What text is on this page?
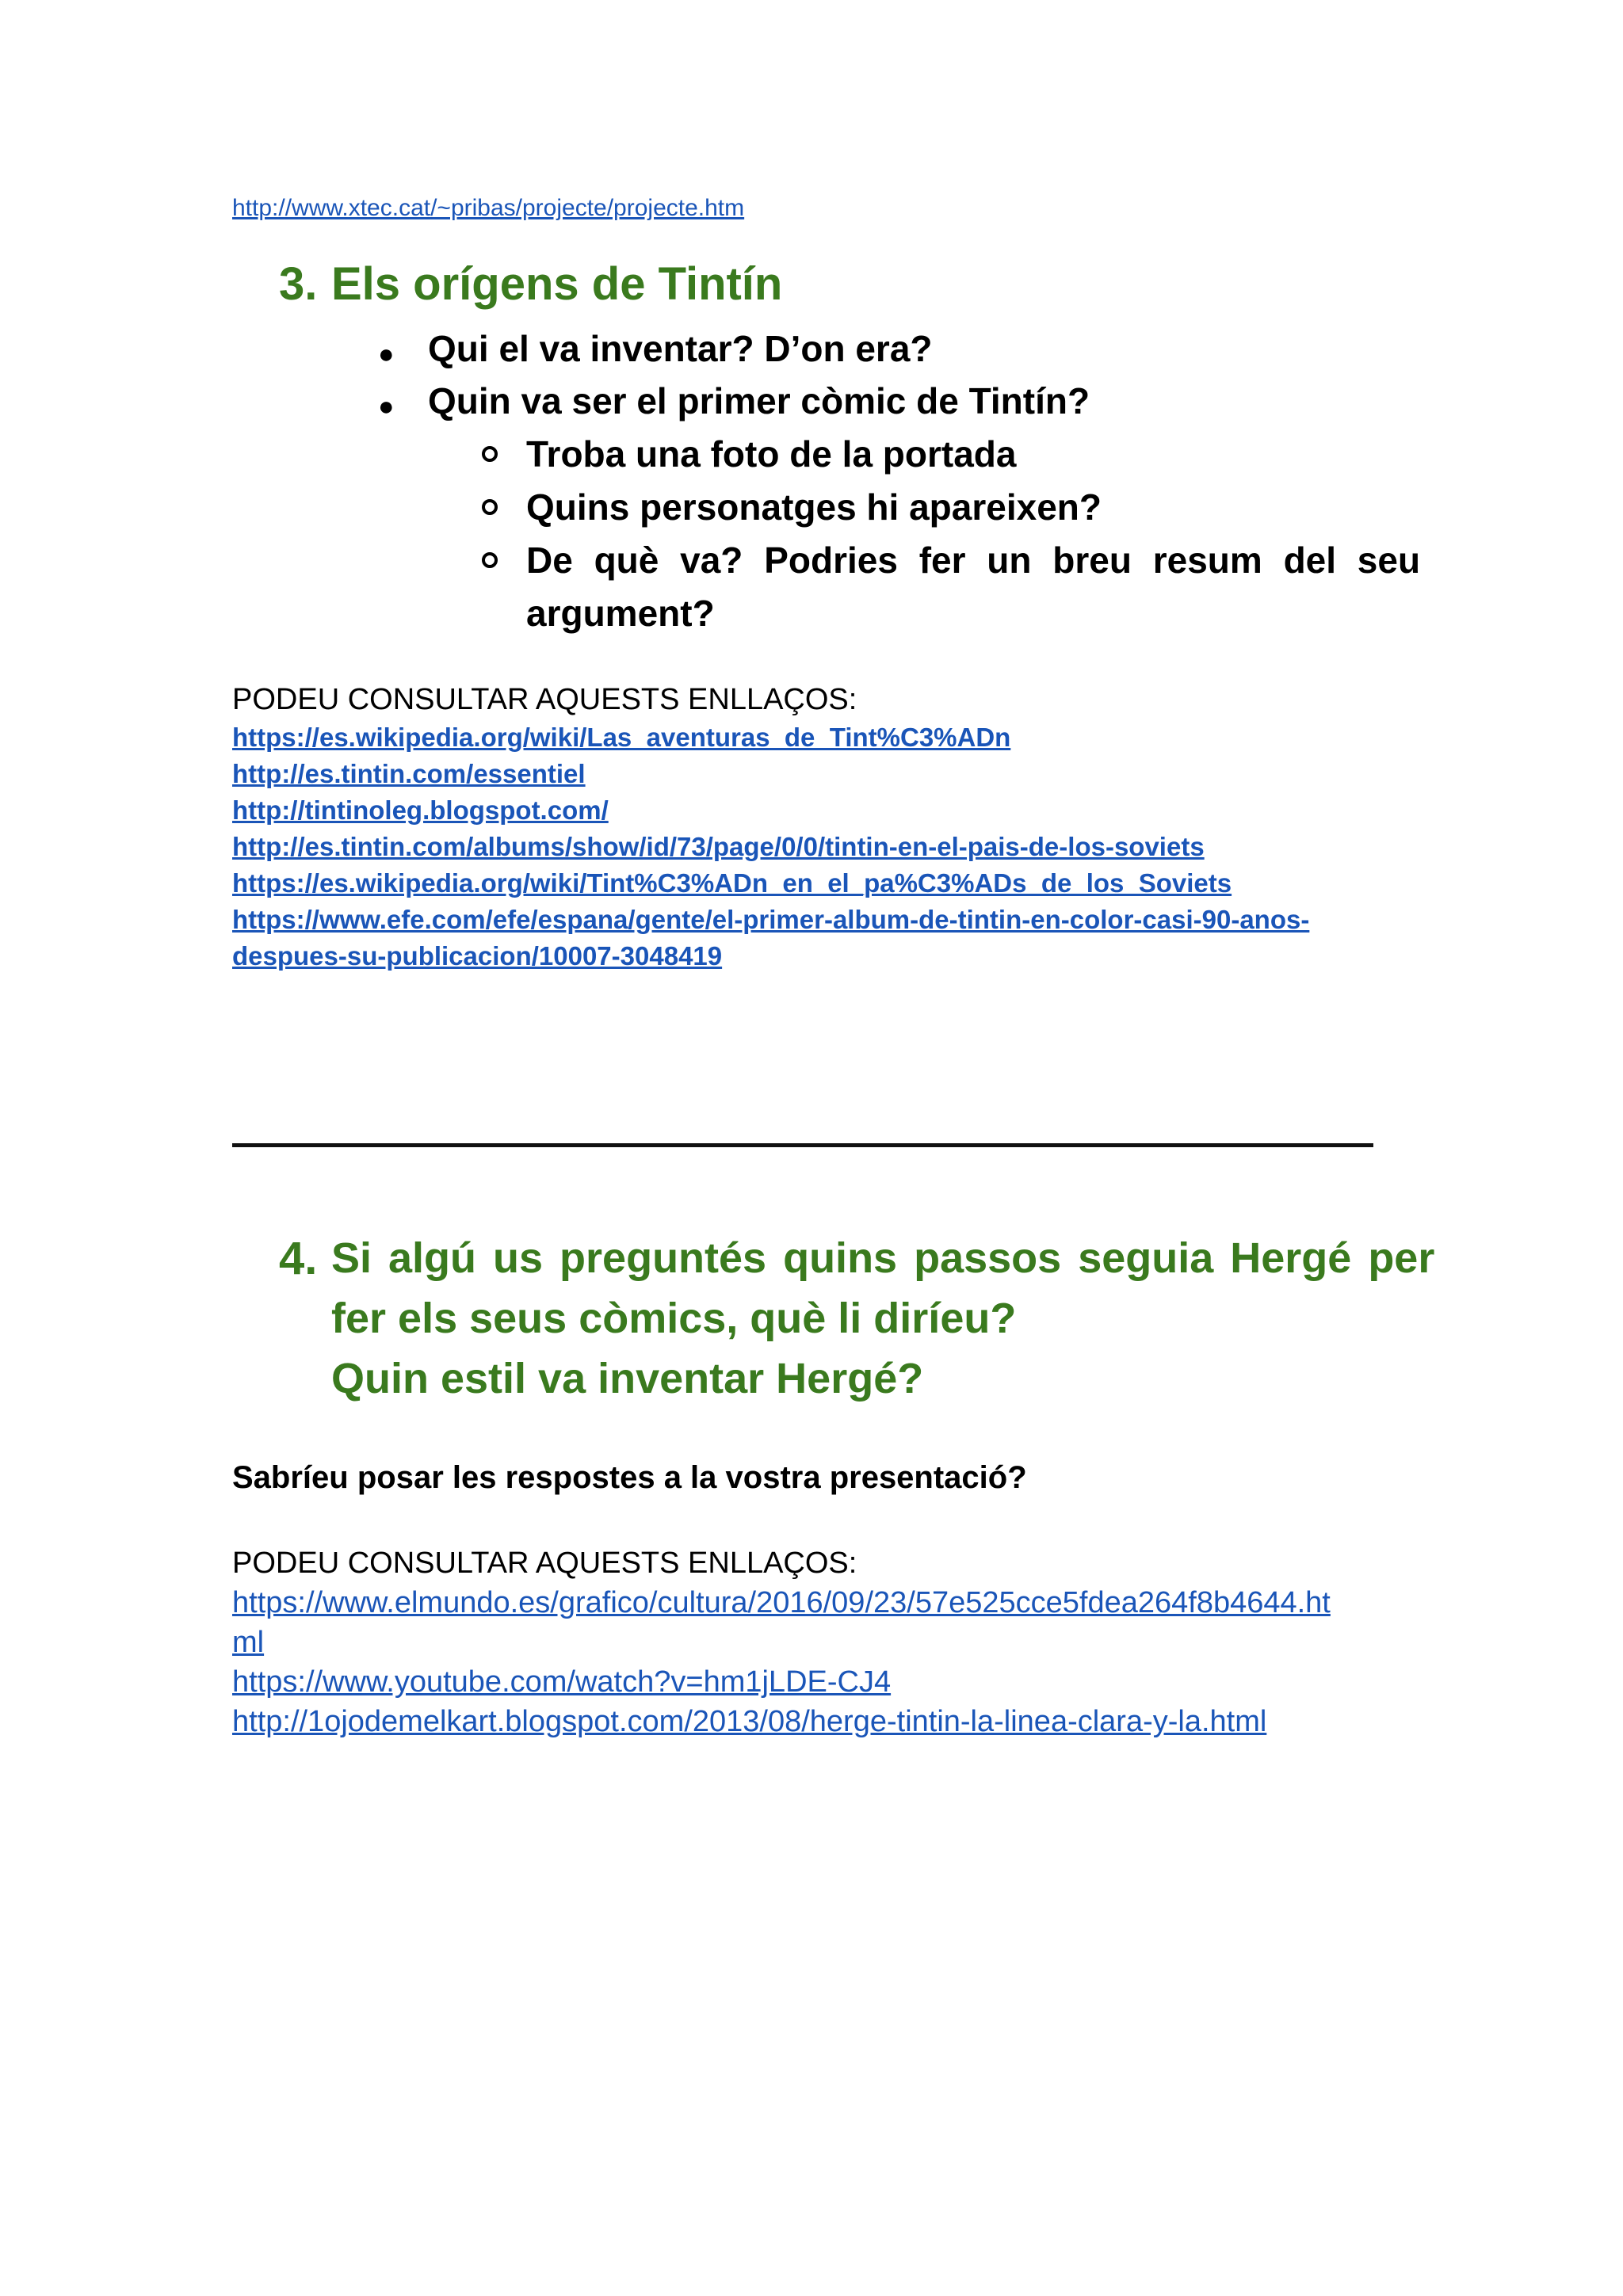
http://www.xtec.cat/~pribas/projecte/projecte.htm
3. Els orígens de Tintín
● Qui el va inventar? D’on era?
● Quin va ser el primer còmic de Tintín?
Troba una foto de la portada
Quins personatges hi apareixen?
De què va? Podries fer un breu resum del seu
argument?
PODEU CONSULTAR AQUESTS ENLLAÇOS:
https://es.wikipedia.org/wiki/Las_aventuras_de_Tint%C3%ADn
http://es.tintin.com/essentiel
http://tintinoleg.blogspot.com/
http://es.tintin.com/albums/show/id/73/page/0/0/tintin-en-el-pais-de-los-soviets
https://es.wikipedia.org/wiki/Tint%C3%ADn_en_el_pa%C3%ADs_de_los_Soviets
https://www.efe.com/efe/espana/gente/el-primer-album-de-tintin-en-color-casi-90-anos-
despues-su-publicacion/10007-3048419
4. Si algú us preguntés quins passos seguia Hergé per
fer els seus còmics, què li diríeu?
Quin estil va inventar Hergé?
Sabríeu posar les respostes a la vostra presentació?
PODEU CONSULTAR AQUESTS ENLLAÇOS:
https://www.elmundo.es/grafico/cultura/2016/09/23/57e525cce5fdea264f8b4644.ht
ml
https://www.youtube.com/watch?v=hm1jLDE-CJ4
http://1ojodemelkart.blogspot.com/2013/08/herge-tintin-la-linea-clara-y-la.html
